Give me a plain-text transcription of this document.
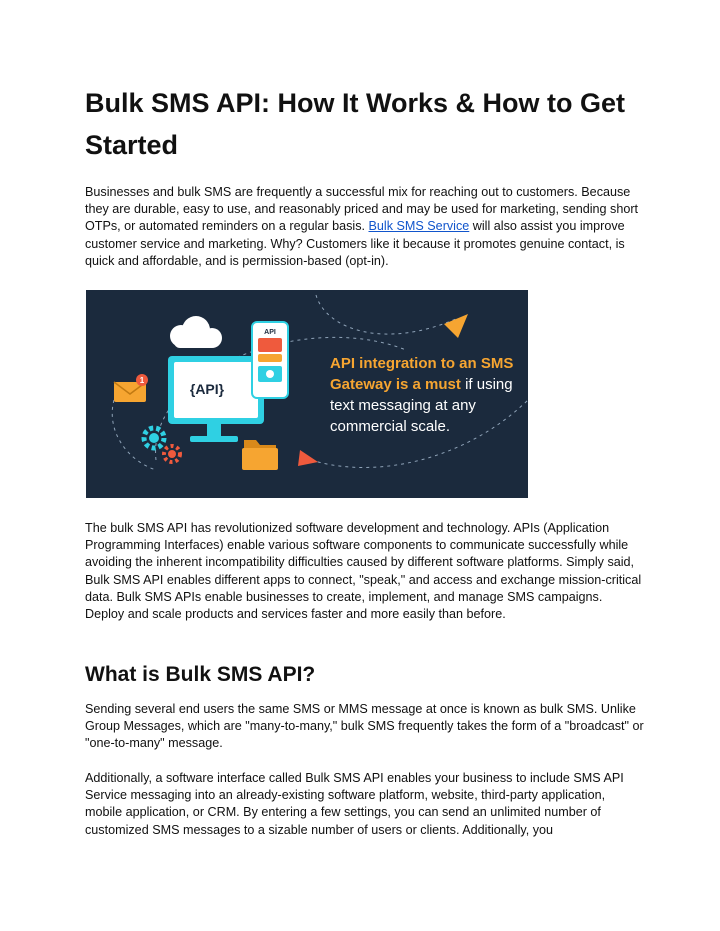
Bulk SMS API: How It Works & How to Get Started

Businesses and bulk SMS are frequently a successful mix for reaching out to customers. Because they are durable, easy to use, and reasonably priced and may be used for marketing, sending short OTPs, or automated reminders on a regular basis. Bulk SMS Service will also assist you improve customer service and marketing. Why? Customers like it because it promotes genuine contact, is quick and affordable, and is permission-based (opt-in).

1
{API}
API
API integration to an SMS
Gateway is a must if using
text messaging at any
commercial scale.

The bulk SMS API has revolutionized software development and technology. APIs (Application Programming Interfaces) enable various software components to communicate successfully while avoiding the inherent incompatibility difficulties caused by different software platforms. Simply said, Bulk SMS API enables different apps to connect, "speak," and access and exchange mission-critical data. Bulk SMS APIs enable businesses to create, implement, and manage SMS campaigns. Deploy and scale products and services faster and more easily than before.

What is Bulk SMS API?

Sending several end users the same SMS or MMS message at once is known as bulk SMS. Unlike Group Messages, which are "many-to-many," bulk SMS frequently takes the form of a "broadcast" or "one-to-many" message.

Additionally, a software interface called Bulk SMS API enables your business to include SMS API Service messaging into an already-existing software platform, website, third-party application, mobile application, or CRM. By entering a few settings, you can send an unlimited number of customized SMS messages to a sizable number of users or clients. Additionally, you
